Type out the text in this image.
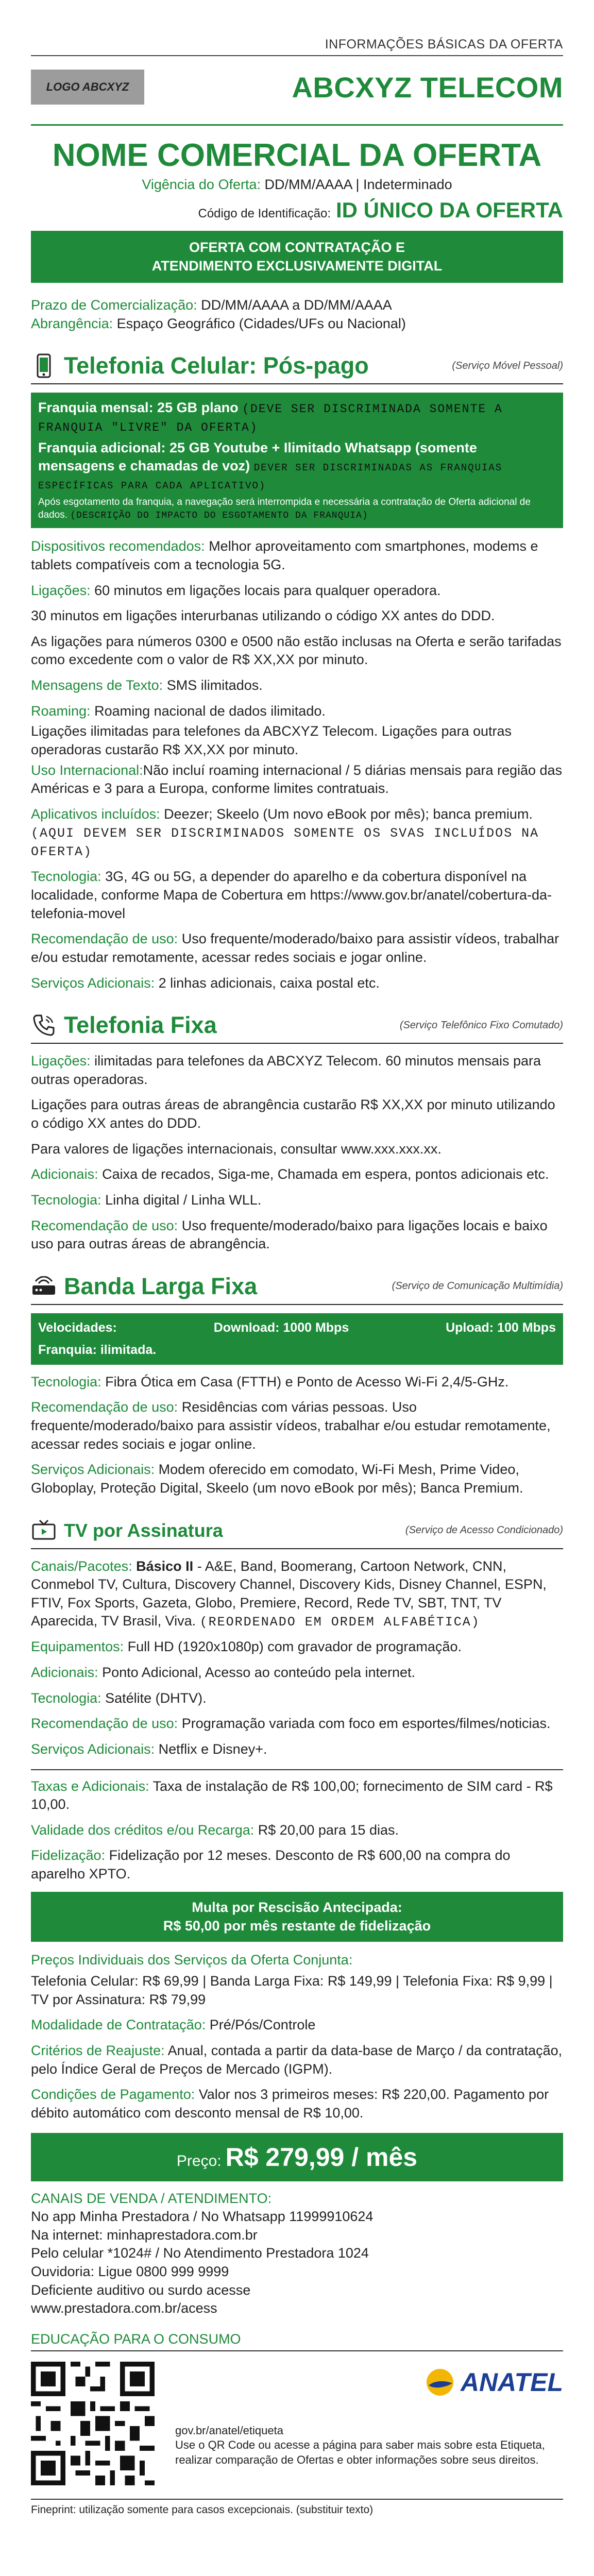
INFORMAÇÕES BÁSICAS DA OFERTA
LOGO ABCXYZ	ABCXYZ TELECOM
NOME COMERCIAL DA OFERTA
Vigência do Oferta: DD/MM/AAAA | Indeterminado
Código de Identificação: ID ÚNICO DA OFERTA
OFERTA COM CONTRATAÇÃO E
ATENDIMENTO EXCLUSIVAMENTE DIGITAL
Prazo de Comercialização: DD/MM/AAAA a DD/MM/AAAA
Abrangência: Espaço Geográfico (Cidades/UFs ou Nacional)
Telefonia Celular: Pós-pago	(Serviço Móvel Pessoal)
Franquia mensal: 25 GB plano (DEVE SER DISCRIMINADA SOMENTE A FRANQUIA "LIVRE" DA OFERTA)
Franquia adicional: 25 GB Youtube + Ilimitado Whatsapp (somente mensagens e chamadas de voz) DEVER SER DISCRIMINADAS AS FRANQUIAS ESPECÍFICAS PARA CADA APLICATIVO)
Após esgotamento da franquia, a navegação será interrompida e necessária a contratação de Oferta adicional de dados. (DESCRIÇÃO DO IMPACTO DO ESGOTAMENTO DA FRANQUIA)
Dispositivos recomendados: Melhor aproveitamento com smartphones, modems e tablets compatíveis com a tecnologia 5G.
Ligações: 60 minutos em ligações locais para qualquer operadora.
30 minutos em ligações interurbanas utilizando o código XX antes do DDD.
As ligações para números 0300 e 0500 não estão inclusas na Oferta e serão tarifadas como excedente com o valor de R$ XX,XX por minuto.
Mensagens de Texto: SMS ilimitados.
Roaming: Roaming nacional de dados ilimitado.
Ligações ilimitadas para telefones da ABCXYZ Telecom. Ligações para outras operadoras custarão R$ XX,XX por minuto.
Uso Internacional:Não incluí roaming internacional / 5 diárias mensais para região das Américas e 3 para a Europa, conforme limites contratuais.
Aplicativos incluídos: Deezer; Skeelo (Um novo eBook por mês); banca premium. (AQUI DEVEM SER DISCRIMINADOS SOMENTE OS SVAS INCLUÍDOS NA OFERTA)
Tecnologia: 3G, 4G ou 5G, a depender do aparelho e da cobertura disponível na localidade, conforme Mapa de Cobertura em https://www.gov.br/anatel/cobertura-da-telefonia-movel
Recomendação de uso: Uso frequente/moderado/baixo para assistir vídeos, trabalhar e/ou estudar remotamente, acessar redes sociais e jogar online.
Serviços Adicionais: 2 linhas adicionais, caixa postal etc.
Telefonia Fixa	(Serviço Telefônico Fixo Comutado)
Ligações: ilimitadas para telefones da ABCXYZ Telecom. 60 minutos mensais para outras operadoras.
Ligações para outras áreas de abrangência custarão R$ XX,XX por minuto utilizando o código XX antes do DDD.
Para valores de ligações internacionais, consultar www.xxx.xxx.xx.
Adicionais: Caixa de recados, Siga-me, Chamada em espera, pontos adicionais etc.
Tecnologia: Linha digital / Linha WLL.
Recomendação de uso: Uso frequente/moderado/baixo para ligações locais e baixo uso para outras áreas de abrangência.
Banda Larga Fixa	(Serviço de Comunicação Multimídia)
Velocidades:	Download: 1000 Mbps	Upload: 100 Mbps
Franquia: ilimitada.
Tecnologia: Fibra Ótica em Casa (FTTH) e Ponto de Acesso Wi-Fi 2,4/5-GHz.
Recomendação de uso: Residências com várias pessoas. Uso frequente/moderado/baixo para assistir vídeos, trabalhar e/ou estudar remotamente, acessar redes sociais e jogar online.
Serviços Adicionais: Modem oferecido em comodato, Wi-Fi Mesh, Prime Video, Globoplay, Proteção Digital, Skeelo (um novo eBook por mês); Banca Premium.
TV por Assinatura	(Serviço de Acesso Condicionado)
Canais/Pacotes: Básico II - A&E, Band, Boomerang, Cartoon Network, CNN, Conmebol TV, Cultura, Discovery Channel, Discovery Kids, Disney Channel, ESPN, FTIV, Fox Sports, Gazeta, Globo, Premiere, Record, Rede TV, SBT, TNT, TV Aparecida, TV Brasil, Viva. (REORDENADO EM ORDEM ALFABÉTICA)
Equipamentos: Full HD (1920x1080p) com gravador de programação.
Adicionais: Ponto Adicional, Acesso ao conteúdo pela internet.
Tecnologia: Satélite (DHTV).
Recomendação de uso: Programação variada com foco em esportes/filmes/noticias.
Serviços Adicionais: Netflix e Disney+.
Taxas e Adicionais: Taxa de instalação de R$ 100,00; fornecimento de SIM card - R$ 10,00.
Validade dos créditos e/ou Recarga: R$ 20,00 para 15 dias.
Fidelização: Fidelização por 12 meses. Desconto de R$ 600,00 na compra do aparelho XPTO.
Multa por Rescisão Antecipada:
R$ 50,00 por mês restante de fidelização
Preços Individuais dos Serviços da Oferta Conjunta:
Telefonia Celular: R$ 69,99 | Banda Larga Fixa: R$ 149,99 | Telefonia Fixa: R$ 9,99 | TV por Assinatura: R$ 79,99
Modalidade de Contratação: Pré/Pós/Controle
Critérios de Reajuste: Anual, contada a partir da data-base de Março / da contratação, pelo Índice Geral de Preços de Mercado (IGPM).
Condições de Pagamento: Valor nos 3 primeiros meses: R$ 220,00. Pagamento por débito automático com desconto mensal de R$ 10,00.
Preço: R$ 279,99 / mês
CANAIS DE VENDA / ATENDIMENTO:
No app Minha Prestadora / No Whatsapp 11999910624
Na internet: minhaprestadora.com.br
Pelo celular *1024# / No Atendimento Prestadora 1024
Ouvidoria: Ligue 0800 999 9999
Deficiente auditivo ou surdo acesse
www.prestadora.com.br/acess
EDUCAÇÃO PARA O CONSUMO
ANATEL
gov.br/anatel/etiqueta
Use o QR Code ou acesse a página para saber mais sobre esta Etiqueta, realizar comparação de Ofertas e obter informações sobre seus direitos.
Fineprint: utilização somente para casos excepcionais. (substituir texto)
